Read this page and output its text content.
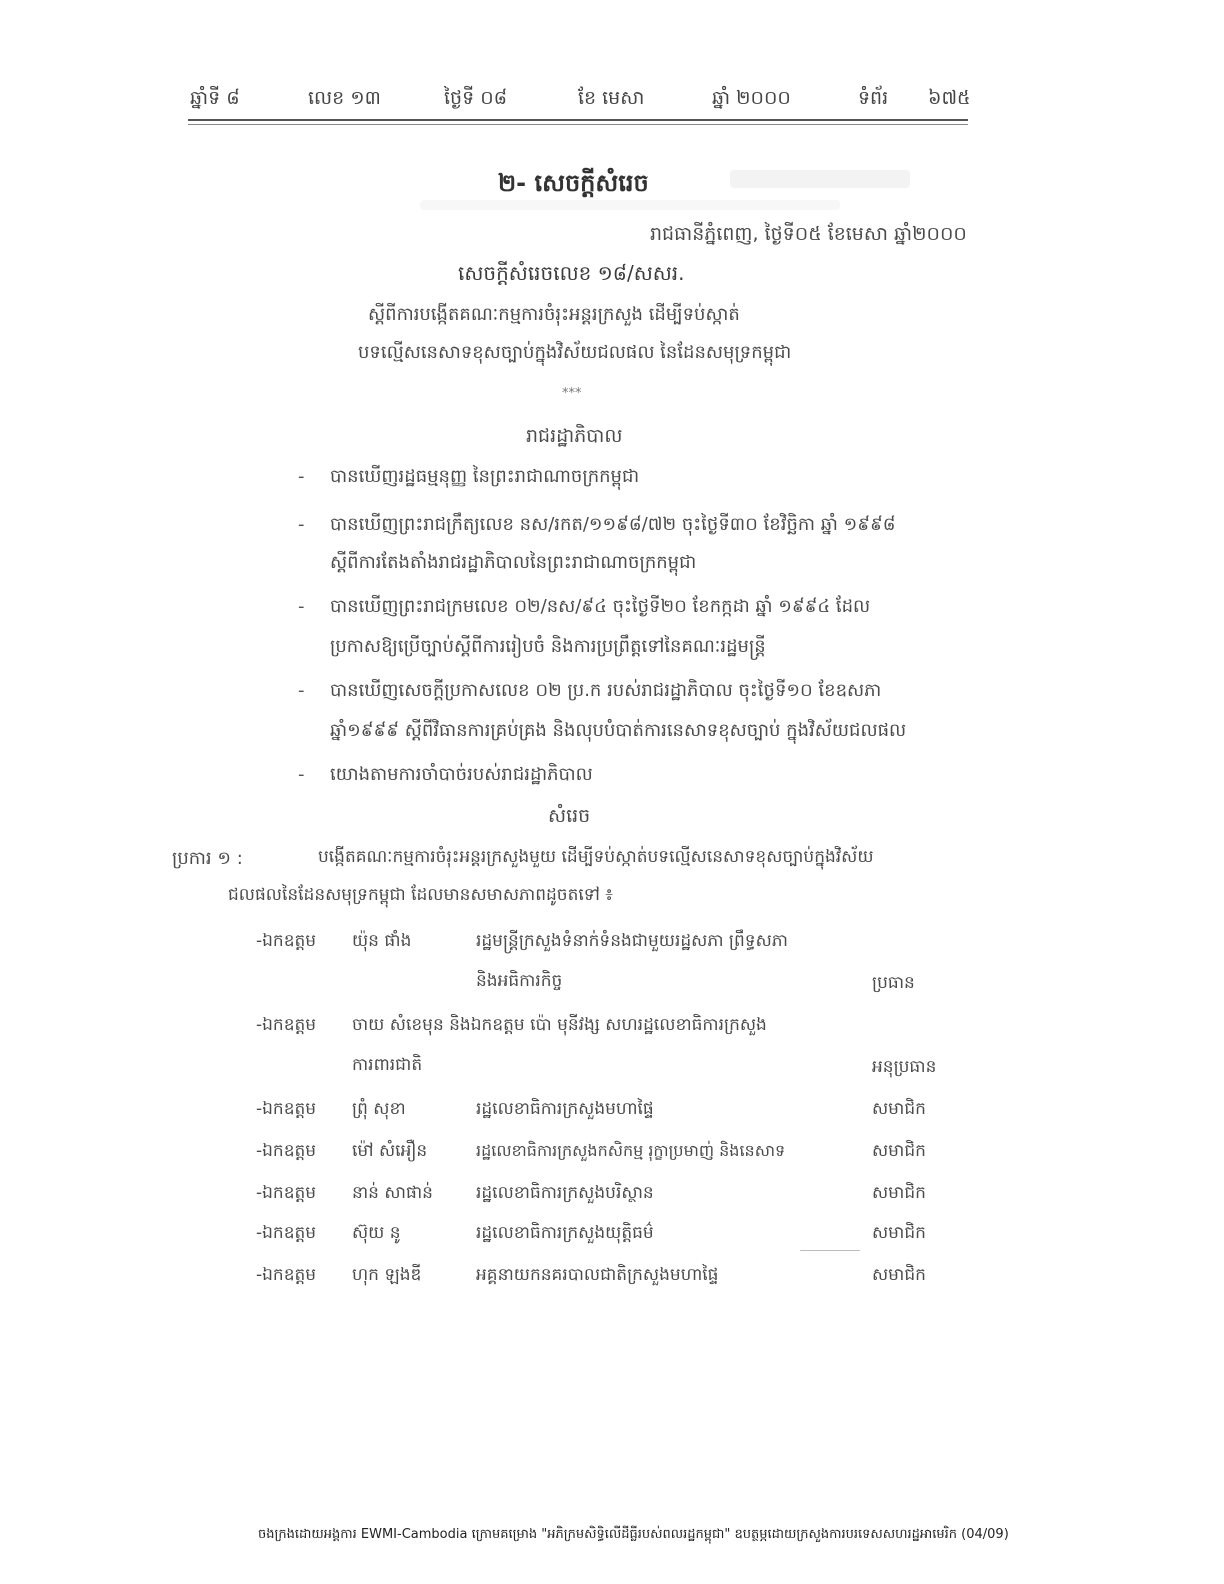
ឆ្នាំទី ៨	លេខ ១៣	ថ្ងៃទី ០៨	ខែ មេសា	ឆ្នាំ ២០០០	ទំព័រ ៦៧៥
២- សេចក្ដីសំរេច
រាជធានីភ្នំពេញ, ថ្ងៃទី០៥ ខែមេសា ឆ្នាំ២០០០
សេចក្ដីសំរេចលេខ ១៨/សសរ.
ស្ដីពីការបង្កើតគណៈកម្មការចំរុះអន្តរក្រសួង ដើម្បីទប់ស្កាត់
បទល្មើសនេសាទខុសច្បាប់ក្នុងវិស័យជលផល នៃដែនសមុទ្រកម្ពុជា
***
រាជរដ្ឋាភិបាល
- បានឃើញរដ្ឋធម្មនុញ្ញ នៃព្រះរាជាណាចក្រកម្ពុជា
- បានឃើញព្រះរាជក្រឹត្យលេខ នស/រកត/១១៩៨/៧២ ចុះថ្ងៃទី៣០ ខែវិច្ឆិកា ឆ្នាំ ១៩៩៨
ស្ដីពីការតែងតាំងរាជរដ្ឋាភិបាលនៃព្រះរាជាណាចក្រកម្ពុជា
- បានឃើញព្រះរាជក្រមលេខ ០២/នស/៩៤ ចុះថ្ងៃទី២០ ខែកក្កដា ឆ្នាំ ១៩៩៤ ដែល
ប្រកាសឱ្យប្រើច្បាប់ស្ដីពីការរៀបចំ និងការប្រព្រឹត្តទៅនៃគណៈរដ្ឋមន្ត្រី
- បានឃើញសេចក្ដីប្រកាសលេខ ០២ ប្រ.ក របស់រាជរដ្ឋាភិបាល ចុះថ្ងៃទី១០ ខែឧសភា
ឆ្នាំ១៩៩៩ ស្ដីពីវិធានការគ្រប់គ្រង និងលុបបំបាត់ការនេសាទខុសច្បាប់ ក្នុងវិស័យជលផល
- យោងតាមការចាំបាច់របស់រាជរដ្ឋាភិបាល
សំរេច
ប្រការ ១ :	បង្កើតគណៈកម្មការចំរុះអន្តរក្រសួងមួយ ដើម្បីទប់ស្កាត់បទល្មើសនេសាទខុសច្បាប់ក្នុងវិស័យ
ជលផលនៃដែនសមុទ្រកម្ពុជា ដែលមានសមាសភាពដូចតទៅ ៖
-ឯកឧត្ដម យ៉ុន ផាំង	រដ្ឋមន្ត្រីក្រសួងទំនាក់ទំនងជាមួយរដ្ឋសភា ព្រឹទ្ធសភា
និងអធិការកិច្ច	ប្រធាន
-ឯកឧត្ដម ចាយ សំខេមុន និងឯកឧត្ដម ប៉ោ មុនីវង្ស សហរដ្ឋលេខាធិការក្រសួង
ការពារជាតិ	អនុប្រធាន
-ឯកឧត្ដម ព្រុំ សុខា	រដ្ឋលេខាធិការក្រសួងមហាផ្ទៃ	សមាជិក
-ឯកឧត្ដម ម៉ៅ សំអឿន	រដ្ឋលេខាធិការក្រសួងកសិកម្ម រុក្ខាប្រមាញ់ និងនេសាទ	សមាជិក
-ឯកឧត្ដម នាន់ សាផាន់	រដ្ឋលេខាធិការក្រសួងបរិស្ថាន	សមាជិក
-ឯកឧត្ដម ស៊ុយ នូ	រដ្ឋលេខាធិការក្រសួងយុត្តិធម៌	សមាជិក
-ឯកឧត្ដម ហុក ឡងឌី	អគ្គនាយកនគរបាលជាតិក្រសួងមហាផ្ទៃ	សមាជិក
ចងក្រងដោយអង្គការ EWMI-Cambodia ក្រោមគម្រោង "អភិក្រមសិទ្ធិលើដីធ្លីរបស់ពលរដ្ឋកម្ពុជា" ឧបត្ថម្ភដោយក្រសួងការបរទេសសហរដ្ឋអាមេរិក (04/09)
